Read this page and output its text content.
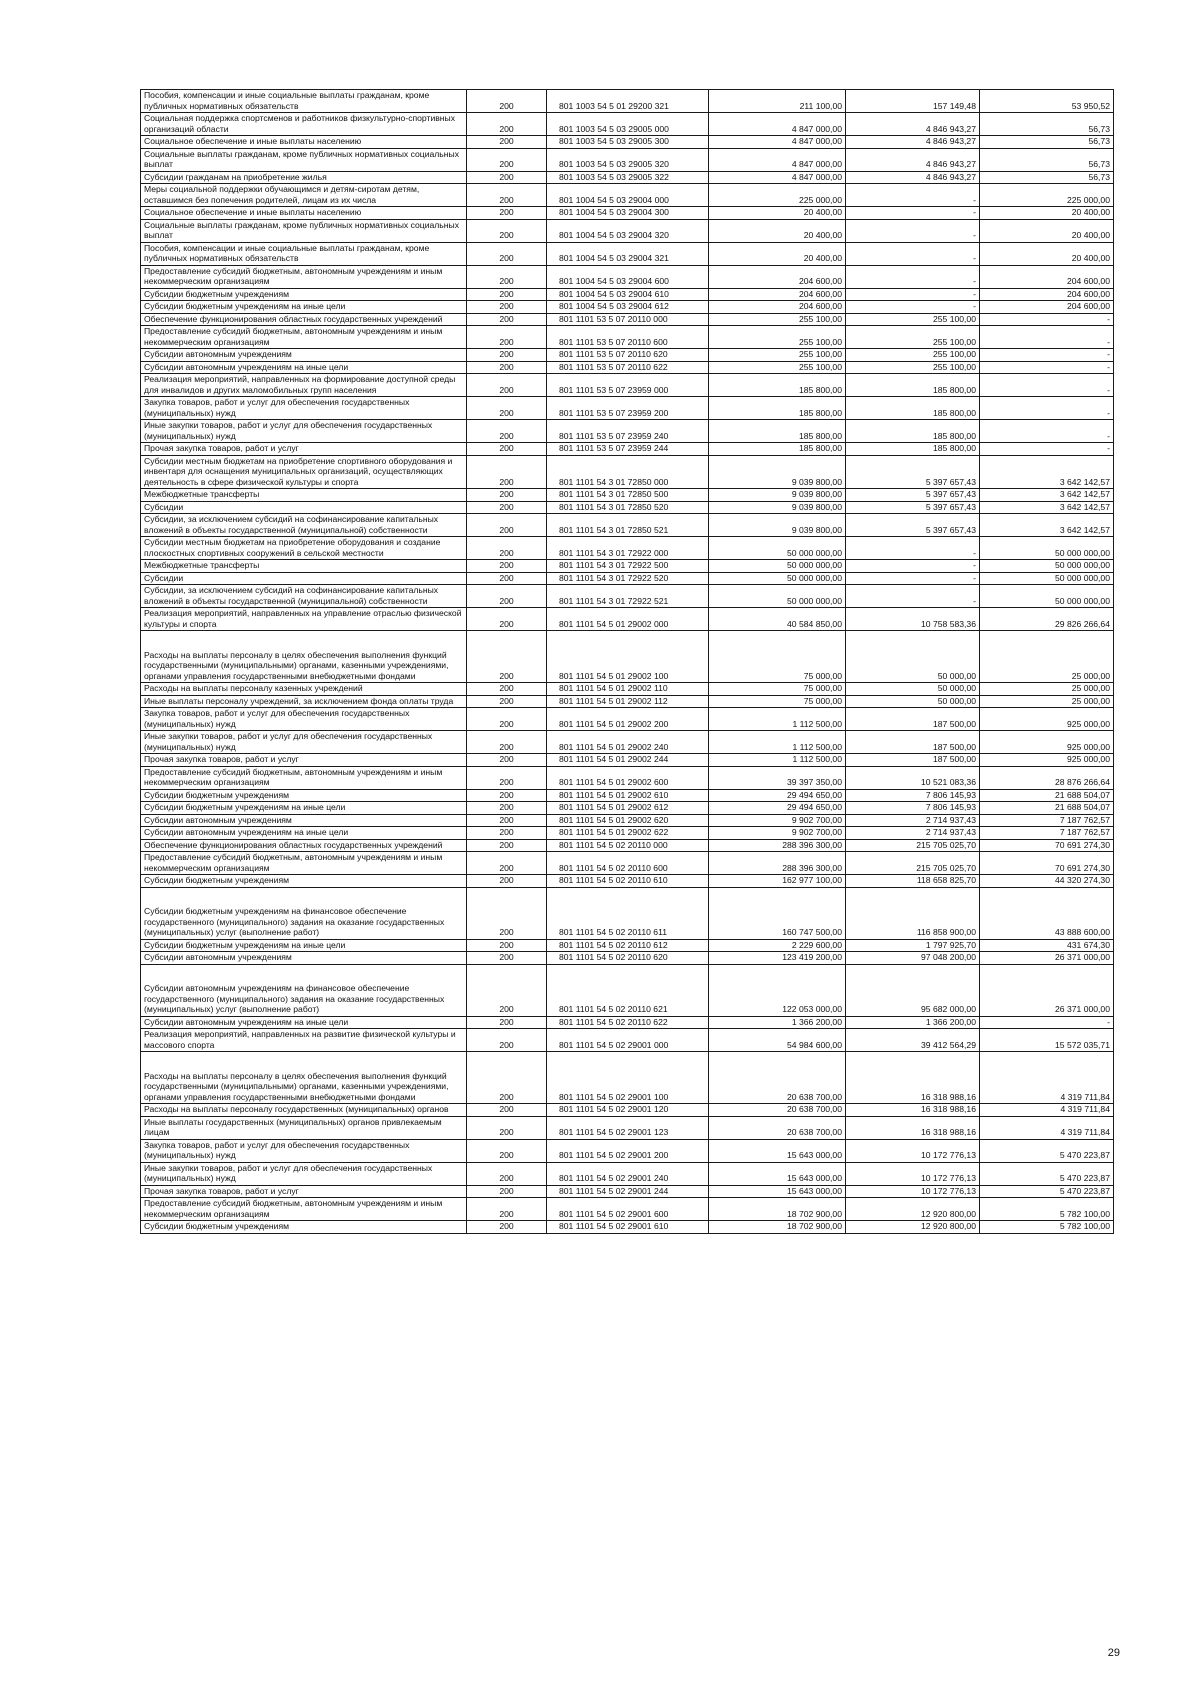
Пособия, компенсации и иные социальные выплаты гражданам, кроме публичных нормативных обязательств	200	801 1003 54 5 01 29200 321	211 100,00	157 149,48	53 950,52
Социальная поддержка спортсменов и работников физкультурно-спортивных организаций области	200	801 1003 54 5 03 29005 000	4 847 000,00	4 846 943,27	56,73
Социальное обеспечение и иные выплаты населению	200	801 1003 54 5 03 29005 300	4 847 000,00	4 846 943,27	56,73
Социальные выплаты гражданам, кроме публичных нормативных социальных выплат	200	801 1003 54 5 03 29005 320	4 847 000,00	4 846 943,27	56,73
Субсидии гражданам на приобретение жилья	200	801 1003 54 5 03 29005 322	4 847 000,00	4 846 943,27	56,73
Меры социальной поддержки обучающимся и детям-сиротам детям, оставшимся без попечения родителей, лицам из их числа	200	801 1004 54 5 03 29004 000	225 000,00	-	225 000,00
Социальное обеспечение и иные выплаты населению	200	801 1004 54 5 03 29004 300	20 400,00	-	20 400,00
Социальные выплаты гражданам, кроме публичных нормативных социальных выплат	200	801 1004 54 5 03 29004 320	20 400,00	-	20 400,00
Пособия, компенсации и иные социальные выплаты гражданам, кроме публичных нормативных обязательств	200	801 1004 54 5 03 29004 321	20 400,00	-	20 400,00
Предоставление субсидий бюджетным, автономным учреждениям и иным некоммерческим организациям	200	801 1004 54 5 03 29004 600	204 600,00	-	204 600,00
Субсидии бюджетным учреждениям	200	801 1004 54 5 03 29004 610	204 600,00	-	204 600,00
Субсидии бюджетным учреждениям на иные цели	200	801 1004 54 5 03 29004 612	204 600,00	-	204 600,00
Обеспечение функционирования областных государственных учреждений	200	801 1101 53 5 07 20110 000	255 100,00	255 100,00	-
Предоставление субсидий бюджетным, автономным учреждениям и иным некоммерческим организациям	200	801 1101 53 5 07 20110 600	255 100,00	255 100,00	-
Субсидии автономным учреждениям	200	801 1101 53 5 07 20110 620	255 100,00	255 100,00	-
Субсидии автономным учреждениям на иные цели	200	801 1101 53 5 07 20110 622	255 100,00	255 100,00	-
Реализация мероприятий, направленных на формирование доступной среды для инвалидов и других маломобильных групп населения	200	801 1101 53 5 07 23959 000	185 800,00	185 800,00	-
Закупка товаров, работ и услуг для обеспечения государственных (муниципальных) нужд	200	801 1101 53 5 07 23959 200	185 800,00	185 800,00	-
Иные закупки товаров, работ и услуг для обеспечения государственных (муниципальных) нужд	200	801 1101 53 5 07 23959 240	185 800,00	185 800,00	-
Прочая закупка товаров, работ и услуг	200	801 1101 53 5 07 23959 244	185 800,00	185 800,00	-
Субсидии местным бюджетам на приобретение спортивного оборудования и инвентаря для оснащения муниципальных организаций, осуществляющих деятельность в сфере физической культуры и спорта	200	801 1101 54 3 01 72850 000	9 039 800,00	5 397 657,43	3 642 142,57
Межбюджетные трансферты	200	801 1101 54 3 01 72850 500	9 039 800,00	5 397 657,43	3 642 142,57
Субсидии	200	801 1101 54 3 01 72850 520	9 039 800,00	5 397 657,43	3 642 142,57
Субсидии, за исключением субсидий на софинансирование капитальных вложений в объекты государственной (муниципальной) собственности	200	801 1101 54 3 01 72850 521	9 039 800,00	5 397 657,43	3 642 142,57
Субсидии местным бюджетам на приобретение оборудования и создание плоскостных спортивных сооружений в сельской местности	200	801 1101 54 3 01 72922 000	50 000 000,00	-	50 000 000,00
Межбюджетные трансферты	200	801 1101 54 3 01 72922 500	50 000 000,00	-	50 000 000,00
Субсидии	200	801 1101 54 3 01 72922 520	50 000 000,00	-	50 000 000,00
Субсидии, за исключением субсидий на софинансирование капитальных вложений в объекты государственной (муниципальной) собственности	200	801 1101 54 3 01 72922 521	50 000 000,00	-	50 000 000,00
Реализация мероприятий, направленных на управление отраслью физической культуры и спорта	200	801 1101 54 5 01 29002 000	40 584 850,00	10 758 583,36	29 826 266,64
Расходы на выплаты персоналу в целях обеспечения выполнения функций государственными (муниципальными) органами, казенными учреждениями, органами управления государственными внебюджетными фондами	200	801 1101 54 5 01 29002 100	75 000,00	50 000,00	25 000,00
Расходы на выплаты персоналу казенных учреждений	200	801 1101 54 5 01 29002 110	75 000,00	50 000,00	25 000,00
Иные выплаты персоналу учреждений, за исключением фонда оплаты труда	200	801 1101 54 5 01 29002 112	75 000,00	50 000,00	25 000,00
Закупка товаров, работ и услуг для обеспечения государственных (муниципальных) нужд	200	801 1101 54 5 01 29002 200	1 112 500,00	187 500,00	925 000,00
Иные закупки товаров, работ и услуг для обеспечения государственных (муниципальных) нужд	200	801 1101 54 5 01 29002 240	1 112 500,00	187 500,00	925 000,00
Прочая закупка товаров, работ и услуг	200	801 1101 54 5 01 29002 244	1 112 500,00	187 500,00	925 000,00
Предоставление субсидий бюджетным, автономным учреждениям и иным некоммерческим организациям	200	801 1101 54 5 01 29002 600	39 397 350,00	10 521 083,36	28 876 266,64
Субсидии бюджетным учреждениям	200	801 1101 54 5 01 29002 610	29 494 650,00	7 806 145,93	21 688 504,07
Субсидии бюджетным учреждениям на иные цели	200	801 1101 54 5 01 29002 612	29 494 650,00	7 806 145,93	21 688 504,07
Субсидии автономным учреждениям	200	801 1101 54 5 01 29002 620	9 902 700,00	2 714 937,43	7 187 762,57
Субсидии автономным учреждениям на иные цели	200	801 1101 54 5 01 29002 622	9 902 700,00	2 714 937,43	7 187 762,57
Обеспечение функционирования областных государственных учреждений	200	801 1101 54 5 02 20110 000	288 396 300,00	215 705 025,70	70 691 274,30
Предоставление субсидий бюджетным, автономным учреждениям и иным некоммерческим организациям	200	801 1101 54 5 02 20110 600	288 396 300,00	215 705 025,70	70 691 274,30
Субсидии бюджетным учреждениям	200	801 1101 54 5 02 20110 610	162 977 100,00	118 658 825,70	44 320 274,30
Субсидии бюджетным учреждениям на финансовое обеспечение государственного (муниципального) задания на оказание государственных (муниципальных) услуг (выполнение работ)	200	801 1101 54 5 02 20110 611	160 747 500,00	116 858 900,00	43 888 600,00
Субсидии бюджетным учреждениям на иные цели	200	801 1101 54 5 02 20110 612	2 229 600,00	1 797 925,70	431 674,30
Субсидии автономным учреждениям	200	801 1101 54 5 02 20110 620	123 419 200,00	97 048 200,00	26 371 000,00
Субсидии автономным учреждениям на финансовое обеспечение государственного (муниципального) задания на оказание государственных (муниципальных) услуг (выполнение работ)	200	801 1101 54 5 02 20110 621	122 053 000,00	95 682 000,00	26 371 000,00
Субсидии автономным учреждениям на иные цели	200	801 1101 54 5 02 20110 622	1 366 200,00	1 366 200,00	-
Реализация мероприятий, направленных на развитие физической культуры и массового спорта	200	801 1101 54 5 02 29001 000	54 984 600,00	39 412 564,29	15 572 035,71
Расходы на выплаты персоналу в целях обеспечения выполнения функций государственными (муниципальными) органами, казенными учреждениями, органами управления государственными внебюджетными фондами	200	801 1101 54 5 02 29001 100	20 638 700,00	16 318 988,16	4 319 711,84
Расходы на выплаты персоналу государственных (муниципальных) органов	200	801 1101 54 5 02 29001 120	20 638 700,00	16 318 988,16	4 319 711,84
Иные выплаты государственных (муниципальных) органов привлекаемым лицам	200	801 1101 54 5 02 29001 123	20 638 700,00	16 318 988,16	4 319 711,84
Закупка товаров, работ и услуг для обеспечения государственных (муниципальных) нужд	200	801 1101 54 5 02 29001 200	15 643 000,00	10 172 776,13	5 470 223,87
Иные закупки товаров, работ и услуг для обеспечения государственных (муниципальных) нужд	200	801 1101 54 5 02 29001 240	15 643 000,00	10 172 776,13	5 470 223,87
Прочая закупка товаров, работ и услуг	200	801 1101 54 5 02 29001 244	15 643 000,00	10 172 776,13	5 470 223,87
Предоставление субсидий бюджетным, автономным учреждениям и иным некоммерческим организациям	200	801 1101 54 5 02 29001 600	18 702 900,00	12 920 800,00	5 782 100,00
Субсидии бюджетным учреждениям	200	801 1101 54 5 02 29001 610	18 702 900,00	12 920 800,00	5 782 100,00
29
